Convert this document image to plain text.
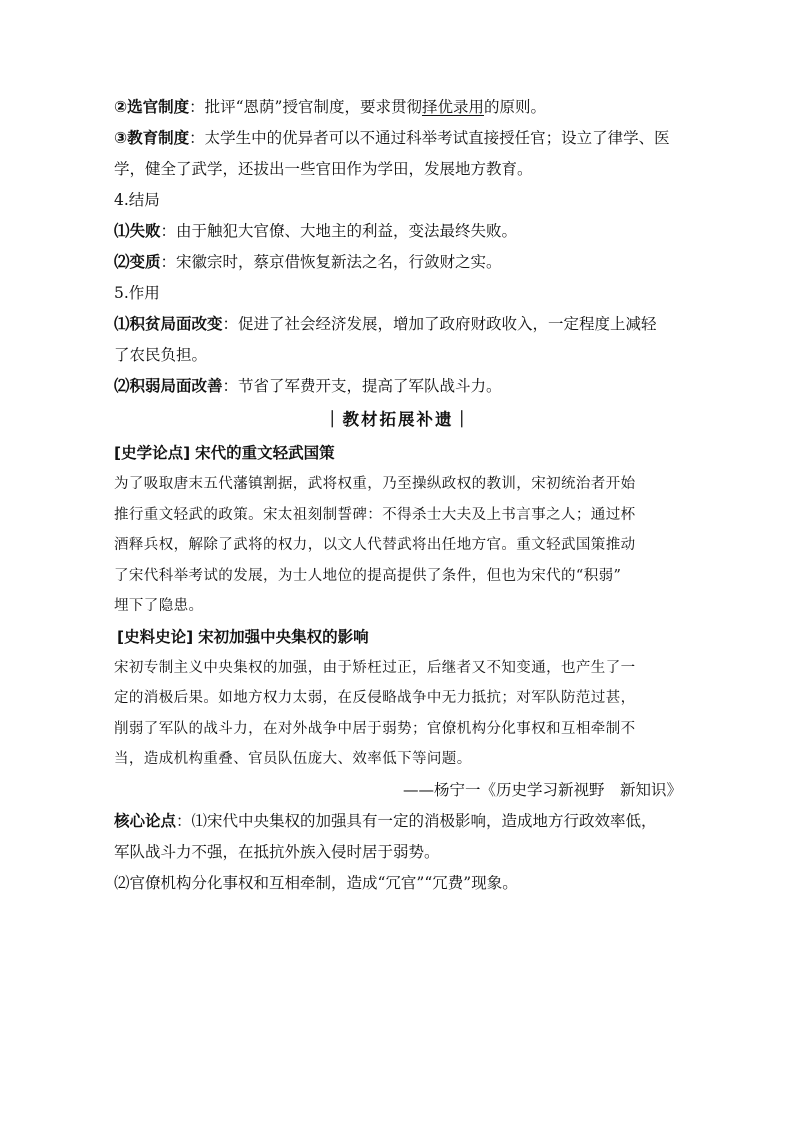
②选官制度：批评“恩荫”授官制度，要求贯彻择优录用的原则。
③教育制度：太学生中的优异者可以不通过科举考试直接授任官；设立了律学、医
学，健全了武学，还拔出一些官田作为学田，发展地方教育。
4.结局
⑴失败：由于触犯大官僚、大地主的利益，变法最终失败。
⑵变质：宋徽宗时，蔡京借恢复新法之名，行敛财之实。
5.作用
⑴积贫局面改变：促进了社会经济发展，增加了政府财政收入，一定程度上减轻
了农民负担。
⑵积弱局面改善：节省了军费开支，提高了军队战斗力。
｜教材拓展补遗｜
[史学论点] 宋代的重文轻武国策
为了吸取唐末五代藩镇割据，武将权重，乃至操纵政权的教训，宋初统治者开始
推行重文轻武的政策。宋太祖刻制誓碑：不得杀士大夫及上书言事之人；通过杯
酒释兵权，解除了武将的权力，以文人代替武将出任地方官。重文轻武国策推动
了宋代科举考试的发展，为士人地位的提高提供了条件，但也为宋代的“积弱”
埋下了隐患。
[史料史论] 宋初加强中央集权的影响
宋初专制主义中央集权的加强，由于矫枉过正，后继者又不知变通，也产生了一
定的消极后果。如地方权力太弱，在反侵略战争中无力抵抗；对军队防范过甚，
削弱了军队的战斗力，在对外战争中居于弱势；官僚机构分化事权和互相牵制不
当，造成机构重叠、官员队伍庞大、效率低下等问题。
——杨宁一《历史学习新视野　新知识》
核心论点：⑴宋代中央集权的加强具有一定的消极影响，造成地方行政效率低，
军队战斗力不强，在抵抗外族入侵时居于弱势。
⑵官僚机构分化事权和互相牵制，造成“冗官”“冗费”现象。
